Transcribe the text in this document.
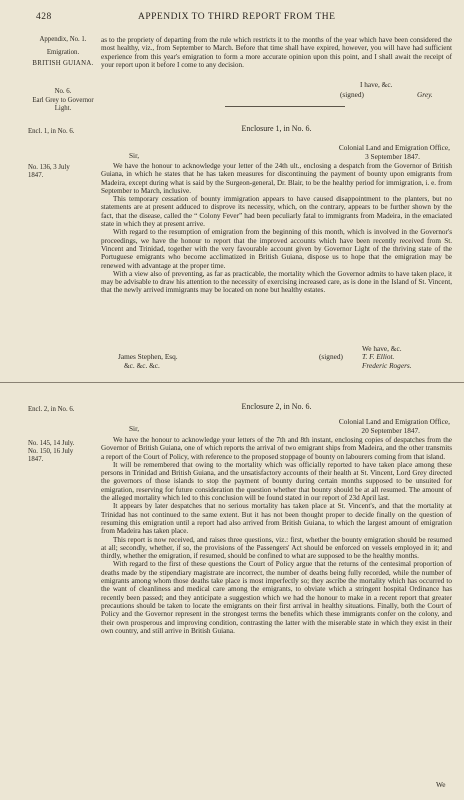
428	APPENDIX TO THIRD REPORT FROM THE
Appendix, No. 1.
Emigration.
BRITISH GUIANA.
No. 6.
Earl Grey to Governor Light.
Encl. 1, in No. 6.
No. 136, 3 July 1847.
Encl. 2, in No. 6.
No. 145, 14 July.
No. 150, 16 July 1847.

as to the propriety of departing from the rule which restricts it to the months of the year which have been considered the most healthy, viz., from September to March. Before that time shall have expired, however, you will have had sufficient experience from this year's emigration to form a more accurate opinion upon this point, and I shall await the receipt of your report upon it before I come to any decision.

I have, &c.
(signed)	Grey.
Enclosure 1, in No. 6.
Colonial Land and Emigration Office,
3 September 1847.
Sir,

We have the honour to acknowledge your letter of the 24th ult., enclosing a despatch from the Governor of British Guiana, in which he states that he has taken measures for discontinuing the payment of bounty upon emigrants from Madeira, except during what is said by the Surgeon-general, Dr. Blair, to be the healthy period for immigration, i. e. from September to March, inclusive.

This temporary cessation of bounty immigration appears to have caused disappointment to the planters, but no statements are at present adduced to disprove its necessity, which, on the contrary, appears to be further shown by the fact, that the disease, called the “ Colony Fever” had been peculiarly fatal to immigrants from Madeira, in the emaciated state in which they at present arrive.

With regard to the resumption of emigration from the beginning of this month, which is involved in the Governor's proceedings, we have the honour to report that the improved accounts which have been recently received from St. Vincent and Trinidad, together with the very favourable account given by Governor Light of the thriving state of the Portuguese emigrants who become acclimatized in British Guiana, dispose us to hope that the emigration may be renewed with advantage at the proper time.

With a view also of preventing, as far as practicable, the mortality which the Governor admits to have taken place, it may be advisable to draw his attention to the necessity of exercising increased care, as is done in the Island of St. Vincent, that the newly arrived immigrants may be located on none but healthy estates.

We have, &c.
James Stephen, Esq.
&c. &c. &c.
(signed)	T. F. Elliot.
Frederic Rogers.
Enclosure 2, in No. 6.
Colonial Land and Emigration Office,
20 September 1847.
Sir,

We have the honour to acknowledge your letters of the 7th and 8th instant, enclosing copies of despatches from the Governor of British Guiana, one of which reports the arrival of two emigrant ships from Madeira, and the other transmits a report of the Court of Policy, with reference to the proposed stoppage of bounty on labourers coming from that island.

It will be remembered that owing to the mortality which was officially reported to have taken place among these persons in Trinidad and British Guiana, and the unsatisfactory accounts of their health at St. Vincent, Lord Grey directed the governors of those islands to stop the payment of bounty during certain months supposed to be unsuited for emigration, reserving for future consideration the question whether that bounty should be at all resumed. The amount of the alleged mortality which led to this conclusion will be found stated in our report of 23d April last.

It appears by later despatches that no serious mortality has taken place at St. Vincent's, and that the mortality at Trinidad has not continued to the same extent. But it has not been thought proper to decide finally on the question of resuming this emigration until a report had also arrived from British Guiana, to which the largest amount of emigration from Madeira has taken place.

This report is now received, and raises three questions, viz.: first, whether the bounty emigration should be resumed at all; secondly, whether, if so, the provisions of the Passengers' Act should be enforced on vessels employed in it; and thirdly, whether the emigration, if resumed, should be confined to what are supposed to be the healthy months.

With regard to the first of these questions the Court of Policy argue that the returns of the centesimal proportion of deaths made by the stipendiary magistrate are incorrect, the number of deaths being fully recorded, while the number of emigrants among whom those deaths take place is most imperfectly so; they ascribe the mortality which has occurred to the want of cleanliness and medical care among the emigrants, to obviate which a stringent hospital Ordinance has recently been passed; and they anticipate a suggestion which we had the honour to make in a recent report that greater precautions should be taken to locate the emigrants on their first arrival in healthy situations. Finally, both the Court of Policy and the Governor represent in the strongest terms the benefits which these immigrants confer on the colony, and their own prosperous and improving condition, contrasting the latter with the miserable state in which they exist in their own country, and still arrive in British Guiana.

We
